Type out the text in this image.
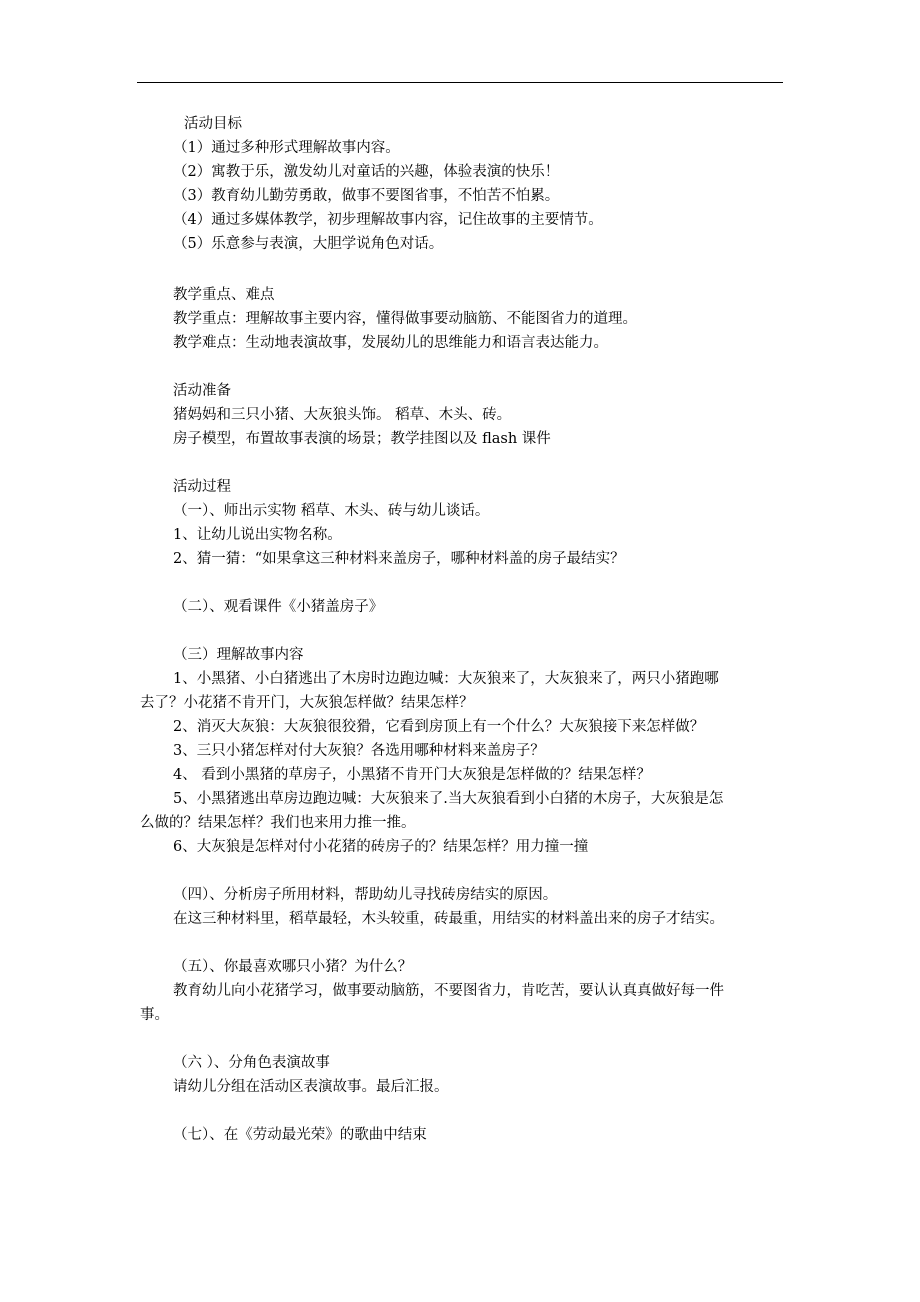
活动目标
（1）通过多种形式理解故事内容。
（2）寓教于乐，激发幼儿对童话的兴趣，体验表演的快乐！
（3）教育幼儿勤劳勇敢，做事不要图省事，不怕苦不怕累。
（4）通过多媒体教学，初步理解故事内容，记住故事的主要情节。
（5）乐意参与表演，大胆学说角色对话。
教学重点、难点
教学重点：理解故事主要内容，懂得做事要动脑筋、不能图省力的道理。
教学难点：生动地表演故事，发展幼儿的思维能力和语言表达能力。
活动准备
猪妈妈和三只小猪、大灰狼头饰。 稻草、木头、砖。
房子模型，布置故事表演的场景；教学挂图以及 flash 课件
活动过程
（一）、师出示实物 稻草、木头、砖与幼儿谈话。
1、让幼儿说出实物名称。
2、猜一猜：“如果拿这三种材料来盖房子，哪种材料盖的房子最结实？
（二）、观看课件《小猪盖房子》
（三）理解故事内容
1、小黑猪、小白猪逃出了木房时边跑边喊：大灰狼来了，大灰狼来了，两只小猪跑哪
去了？小花猪不肯开门，大灰狼怎样做？结果怎样？
2、消灭大灰狼：大灰狼很狡猾，它看到房顶上有一个什么？大灰狼接下来怎样做？
3、三只小猪怎样对付大灰狼？各选用哪种材料来盖房子？
4、 看到小黑猪的草房子，小黑猪不肯开门大灰狼是怎样做的？结果怎样？
5、小黑猪逃出草房边跑边喊：大灰狼来了.当大灰狼看到小白猪的木房子，大灰狼是怎
么做的？结果怎样？我们也来用力推一推。
6、大灰狼是怎样对付小花猪的砖房子的？结果怎样？用力撞一撞
（四）、分析房子所用材料，帮助幼儿寻找砖房结实的原因。
在这三种材料里，稻草最轻，木头较重，砖最重，用结实的材料盖出来的房子才结实。
（五）、你最喜欢哪只小猪？为什么？
教育幼儿向小花猪学习，做事要动脑筋，不要图省力，肯吃苦，要认认真真做好每一件
事。
（六 ）、分角色表演故事
请幼儿分组在活动区表演故事。最后汇报。
（七）、在《劳动最光荣》的歌曲中结束
